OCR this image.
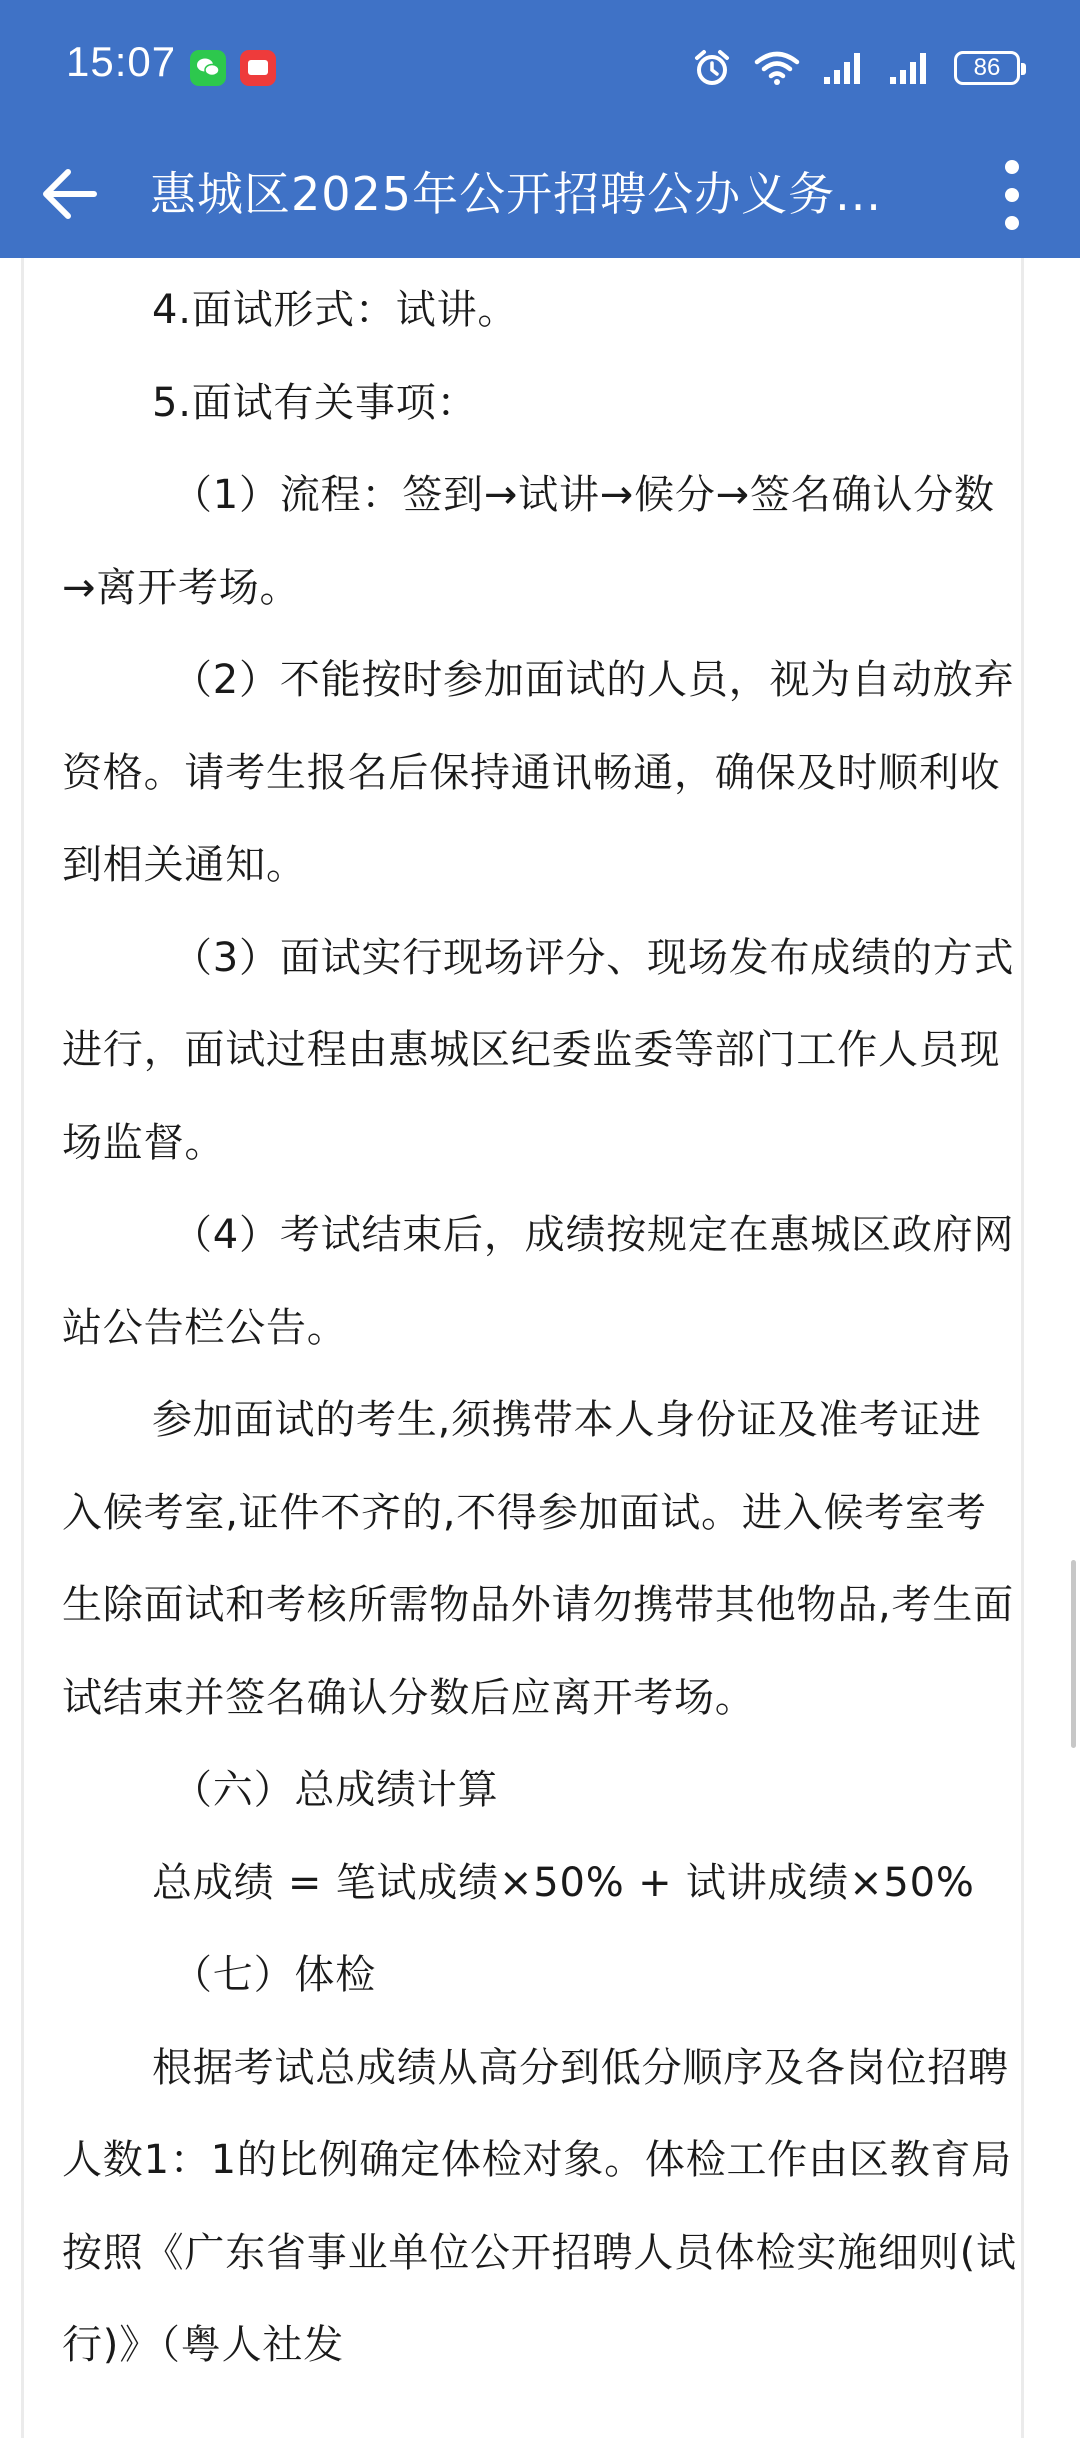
15:07	86
惠城区2025年公开招聘公办义务...

4.面试形式：试讲。

5.面试有关事项：

（1）流程：签到→试讲→候分→签名确认分数→离开考场。

（2）不能按时参加面试的人员，视为自动放弃资格。请考生报名后保持通讯畅通，确保及时顺利收到相关通知。

（3）面试实行现场评分、现场发布成绩的方式进行，面试过程由惠城区纪委监委等部门工作人员现场监督。

（4）考试结束后，成绩按规定在惠城区政府网站公告栏公告。

参加面试的考生,须携带本人身份证及准考证进入候考室,证件不齐的,不得参加面试。进入候考室考生除面试和考核所需物品外请勿携带其他物品,考生面试结束并签名确认分数后应离开考场。

（六）总成绩计算

总成绩 = 笔试成绩×50% + 试讲成绩×50%

（七）体检

根据考试总成绩从高分到低分顺序及各岗位招聘人数1：1的比例确定体检对象。体检工作由区教育局按照《广东省事业单位公开招聘人员体检实施细则(试行)》（粤人社发
